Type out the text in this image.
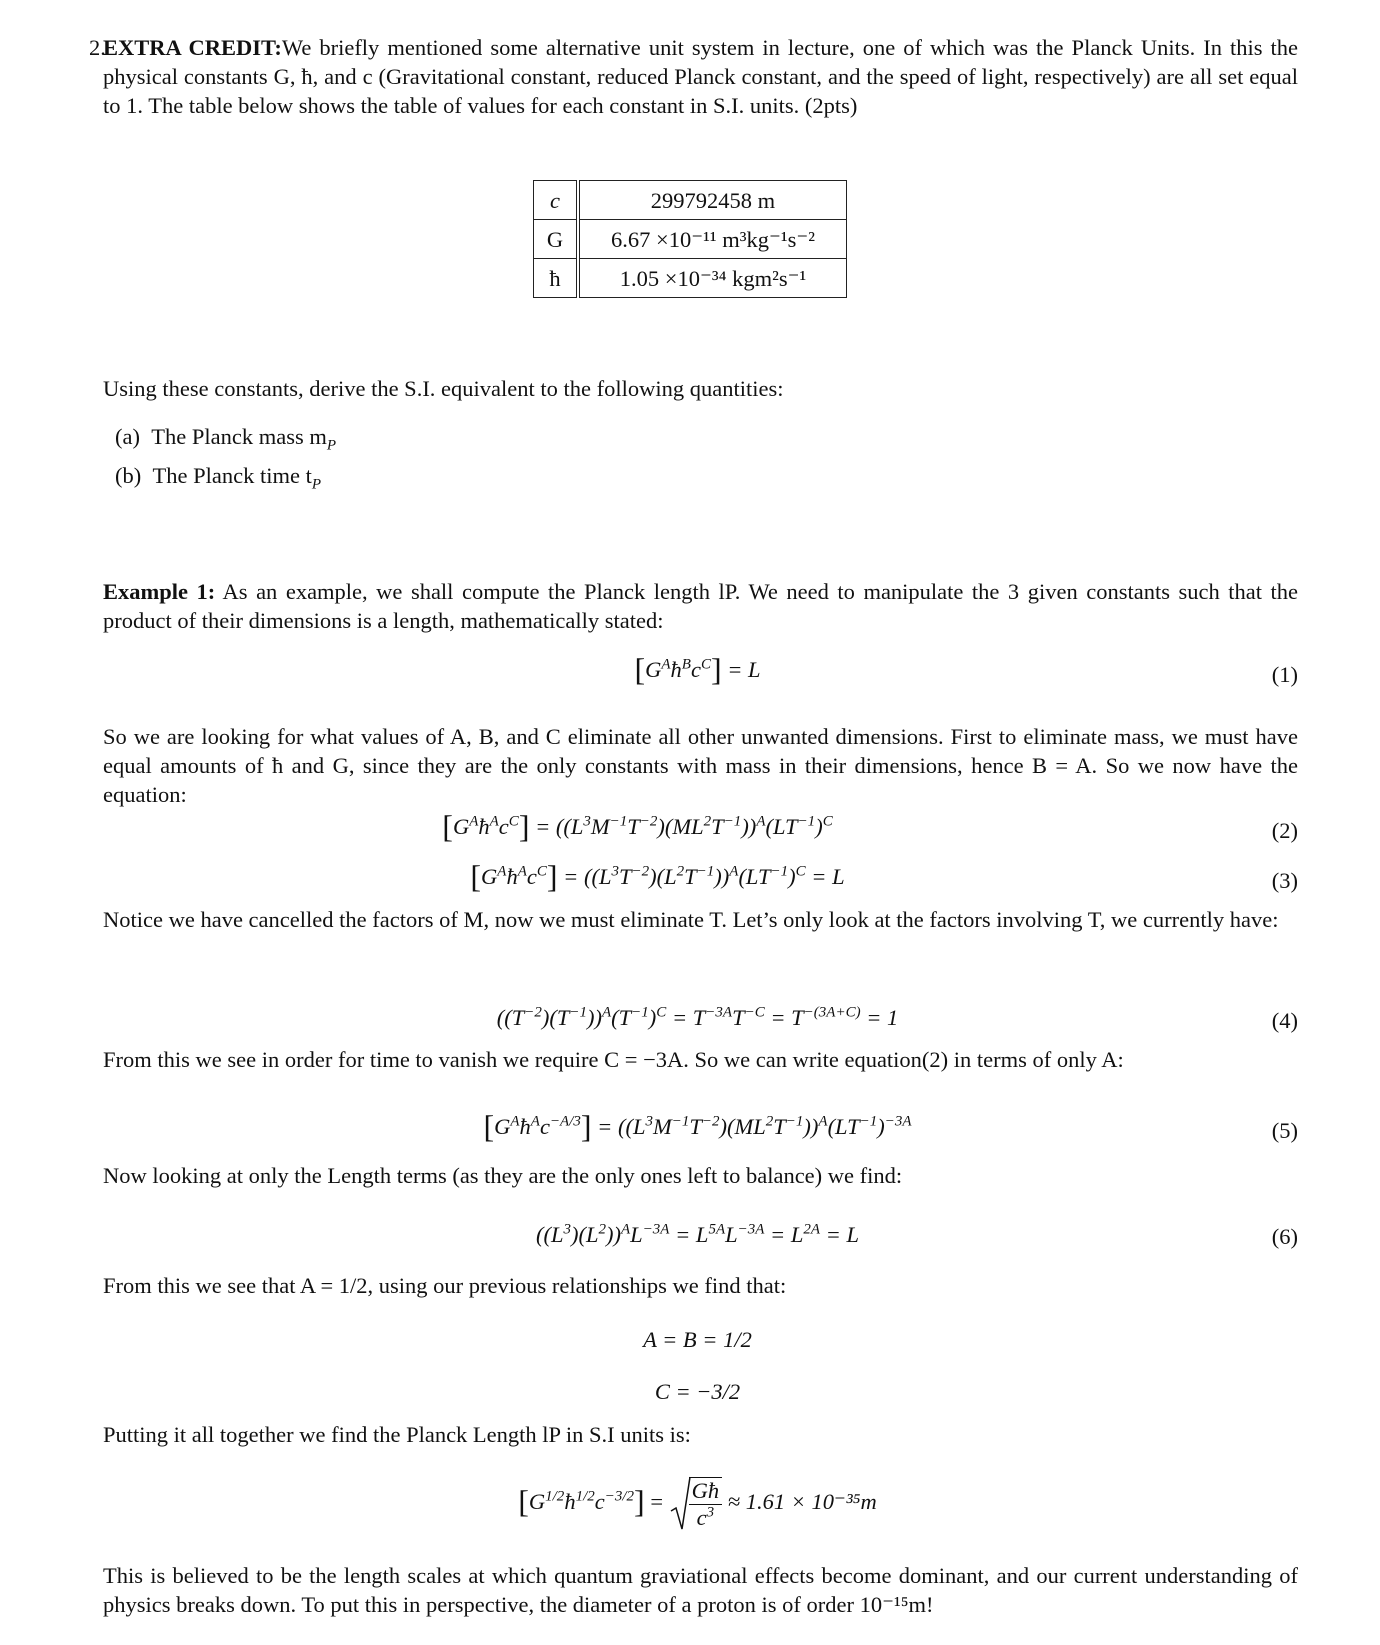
2.
EXTRA CREDIT:We briefly mentioned some alternative unit system in lecture, one of which was the Planck Units. In this the physical constants G, ħ, and c (Gravitational constant, reduced Planck constant, and the speed of light, respectively) are all set equal to 1. The table below shows the table of values for each constant in S.I. units. (2pts)
c	299792458 m
G	6.67 ×10⁻¹¹ m³kg⁻¹s⁻²
ħ	1.05 ×10⁻³⁴ kgm²s⁻¹
Using these constants, derive the S.I. equivalent to the following quantities:
(a) The Planck mass $m_P$
(b) The Planck time $t_P$
Example 1: As an example, we shall compute the Planck length lP. We need to manipulate the 3 given constants such that the product of their dimensions is a length, mathematically stated:
$[G^Aħ^Bc^C] = L$	(1)
So we are looking for what values of A, B, and C eliminate all other unwanted dimensions. First to eliminate mass, we must have equal amounts of ħ and G, since they are the only constants with mass in their dimensions, hence B = A. So we now have the equation:
$[G^Aħ^Ac^C] = ((L^3M^{-1}T^{-2})(ML^2T^{-1}))^A(LT^{-1})^C$	(2)
$[G^Aħ^Ac^C] = ((L^3T^{-2})(L^2T^{-1}))^A(LT^{-1})^C = L$	(3)
Notice we have cancelled the factors of M, now we must eliminate T. Let’s only look at the factors involving T, we currently have:
$((T^{-2})(T^{-1}))^A(T^{-1})^C = T^{-3A}T^{-C} = T^{-(3A+C)} = 1$	(4)
From this we see in order for time to vanish we require C = −3A. So we can write equation(2) in terms of only A:
$[G^Aħ^Ac^{-A/3}] = ((L^3M^{-1}T^{-2})(ML^2T^{-1}))^A(LT^{-1})^{-3A}$	(5)
Now looking at only the Length terms (as they are the only ones left to balance) we find:
$((L^3)(L^2))^AL^{-3A} = L^{5A}L^{-3A} = L^{2A} = L$	(6)
From this we see that A = 1/2, using our previous relationships we find that:
A = B = 1/2
C = −3/2
Putting it all together we find the Planck Length lP in S.I units is:
$[G^{1/2}ħ^{1/2}c^{-3/2}] = \frac{Għ}{c^3} \approx 1.61 \times 10^{-35}m$
This is believed to be the length scales at which quantum graviational effects become dominant, and our current understanding of physics breaks down. To put this in perspective, the diameter of a proton is of order 10⁻¹⁵m!
